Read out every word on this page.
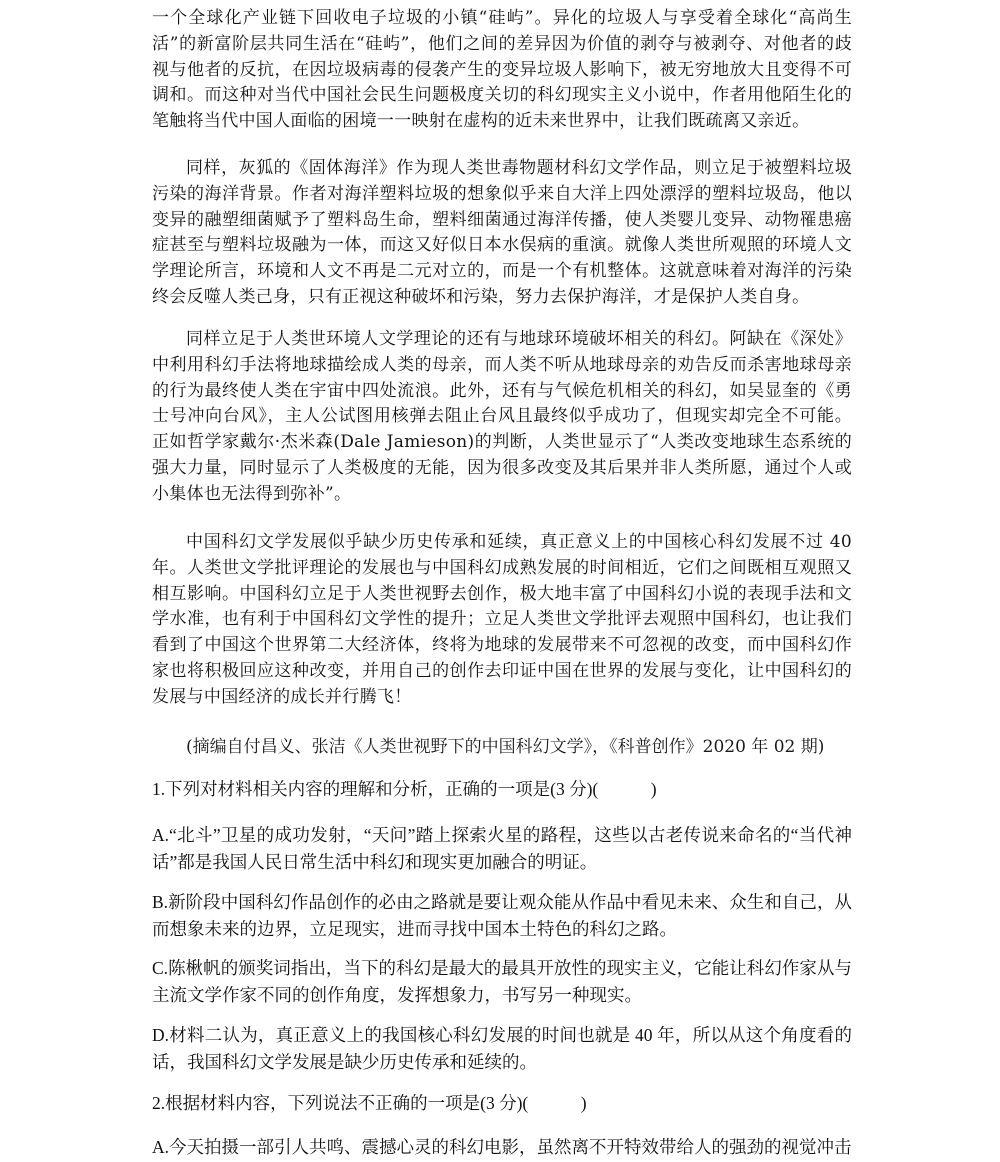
一个全球化产业链下回收电子垃圾的小镇“硅屿”。异化的垃圾人与享受着全球化“高尚生活”的新富阶层共同生活在“硅屿”，他们之间的差异因为价值的剥夺与被剥夺、对他者的歧视与他者的反抗，在因垃圾病毒的侵袭产生的变异垃圾人影响下，被无穷地放大且变得不可调和。而这种对当代中国社会民生问题极度关切的科幻现实主义小说中，作者用他陌生化的笔触将当代中国人面临的困境一一映射在虚构的近未来世界中，让我们既疏离又亲近。

同样，灰狐的《固体海洋》作为现人类世毒物题材科幻文学作品，则立足于被塑料垃圾污染的海洋背景。作者对海洋塑料垃圾的想象似乎来自大洋上四处漂浮的塑料垃圾岛，他以变异的融塑细菌赋予了塑料岛生命，塑料细菌通过海洋传播，使人类婴儿变异、动物罹患癌症甚至与塑料垃圾融为一体，而这又好似日本水俣病的重演。就像人类世所观照的环境人文学理论所言，环境和人文不再是二元对立的，而是一个有机整体。这就意味着对海洋的污染终会反噬人类己身，只有正视这种破坏和污染，努力去保护海洋，才是保护人类自身。

同样立足于人类世环境人文学理论的还有与地球环境破坏相关的科幻。阿缺在《深处》中利用科幻手法将地球描绘成人类的母亲，而人类不听从地球母亲的劝告反而杀害地球母亲的行为最终使人类在宇宙中四处流浪。此外，还有与气候危机相关的科幻，如吴显奎的《勇士号冲向台风》，主人公试图用核弹去阻止台风且最终似乎成功了，但现实却完全不可能。正如哲学家戴尔·杰米森(Dale Jamieson)的判断，人类世显示了“人类改变地球生态系统的强大力量，同时显示了人类极度的无能，因为很多改变及其后果并非人类所愿，通过个人或小集体也无法得到弥补”。

中国科幻文学发展似乎缺少历史传承和延续，真正意义上的中国核心科幻发展不过 40 年。人类世文学批评理论的发展也与中国科幻成熟发展的时间相近，它们之间既相互观照又相互影响。中国科幻立足于人类世视野去创作，极大地丰富了中国科幻小说的表现手法和文学水准，也有利于中国科幻文学性的提升；立足人类世文学批评去观照中国科幻，也让我们看到了中国这个世界第二大经济体，终将为地球的发展带来不可忽视的改变，而中国科幻作家也将积极回应这种改变，并用自己的创作去印证中国在世界的发展与变化，让中国科幻的发展与中国经济的成长并行腾飞！

(摘编自付昌义、张洁《人类世视野下的中国科幻文学》，《科普创作》2020 年 02 期)

1.下列对材料相关内容的理解和分析，正确的一项是(3 分)(　　　)

A.“北斗”卫星的成功发射，“天问”踏上探索火星的路程，这些以古老传说来命名的“当代神话”都是我国人民日常生活中科幻和现实更加融合的明证。

B.新阶段中国科幻作品创作的必由之路就是要让观众能从作品中看见未来、众生和自己，从而想象未来的边界，立足现实，进而寻找中国本土特色的科幻之路。

C.陈楸帆的颁奖词指出，当下的科幻是最大的最具开放性的现实主义，它能让科幻作家从与主流文学作家不同的创作角度，发挥想象力，书写另一种现实。

D.材料二认为，真正意义上的我国核心科幻发展的时间也就是 40 年，所以从这个角度看的话，我国科幻文学发展是缺少历史传承和延续的。

2.根据材料内容，下列说法不正确的一项是(3 分)(　　　)

A.今天拍摄一部引人共鸣、震撼心灵的科幻电影，虽然离不开特效带给人的强劲的视觉冲击
